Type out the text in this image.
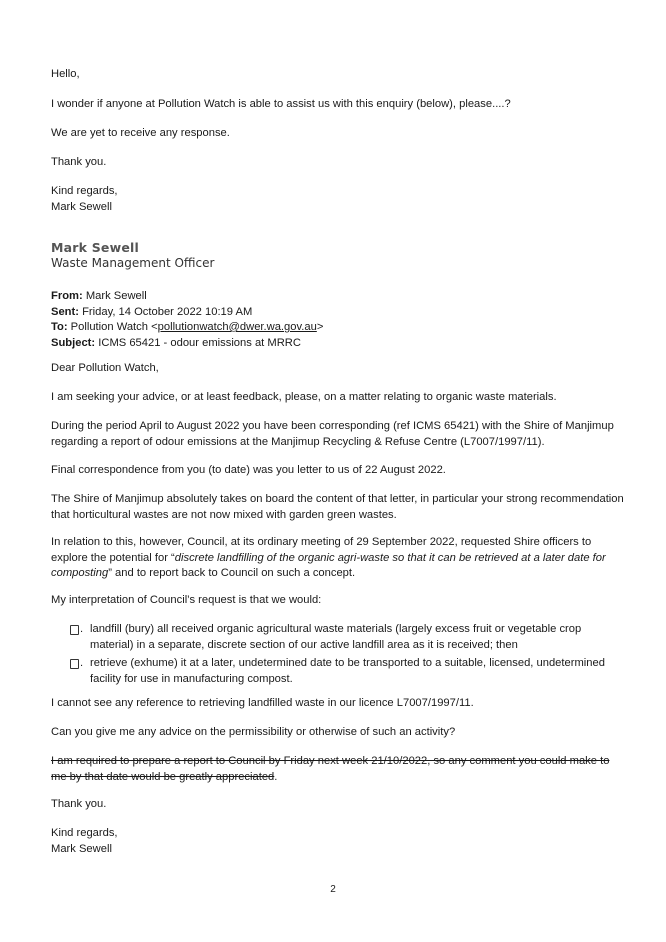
Hello,

I wonder if anyone at Pollution Watch is able to assist us with this enquiry (below), please....?

We are yet to receive any response.

Thank you.

Kind regards,
Mark Sewell
Mark Sewell
Waste Management Officer
From: Mark Sewell
Sent: Friday, 14 October 2022 10:19 AM
To: Pollution Watch <pollutionwatch@dwer.wa.gov.au>
Subject: ICMS 65421 - odour emissions at MRRC

Dear Pollution Watch,

I am seeking your advice, or at least feedback, please, on a matter relating to organic waste materials.

During the period April to August 2022 you have been corresponding (ref ICMS 65421) with the Shire of Manjimup regarding a report of odour emissions at the Manjimup Recycling & Refuse Centre (L7007/1997/11).

Final correspondence from you (to date) was you letter to us of 22 August 2022.

The Shire of Manjimup absolutely takes on board the content of that letter, in particular your strong recommendation that horticultural wastes are not now mixed with garden green wastes.

In relation to this, however, Council, at its ordinary meeting of 29 September 2022, requested Shire officers to explore the potential for “discrete landfilling of the organic agri-waste so that it can be retrieved at a later date for composting” and to report back to Council on such a concept.

My interpretation of Council’s request is that we would:

. landfill (bury) all received organic agricultural waste materials (largely excess fruit or vegetable crop material) in a separate, discrete section of our active landfill area as it is received; then
. retrieve (exhume) it at a later, undetermined date to be transported to a suitable, licensed, undetermined facility for use in manufacturing compost.

I cannot see any reference to retrieving landfilled waste in our licence L7007/1997/11.

Can you give me any advice on the permissibility or otherwise of such an activity?

I am required to prepare a report to Council by Friday next week 21/10/2022, so any comment you could make to me by that date would be greatly appreciated.

Thank you.

Kind regards,
Mark Sewell
2
